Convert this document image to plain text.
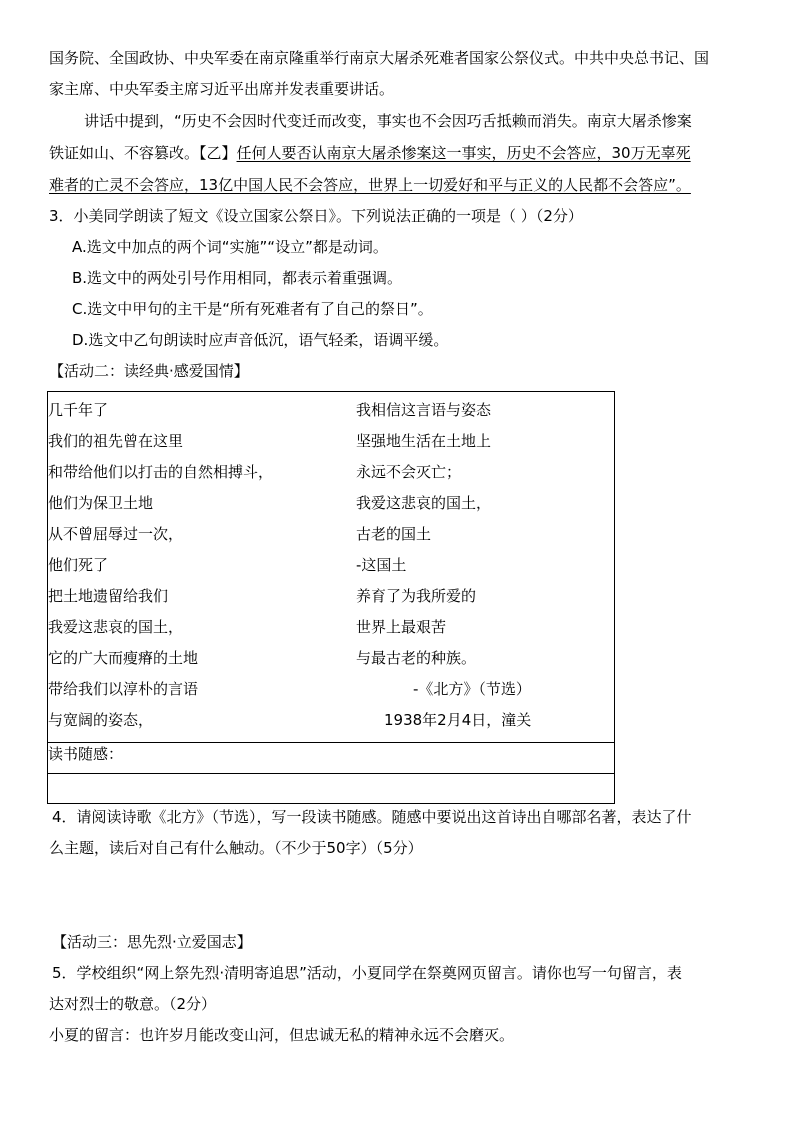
国务院、全国政协、中央军委在南京隆重举行南京大屠杀死难者国家公祭仪式。中共中央总书记、国
家主席、中央军委主席习近平出席并发表重要讲话。
讲话中提到，“历史不会因时代变迁而改变，事实也不会因巧舌抵赖而消失。南京大屠杀惨案
铁证如山、不容篡改。【乙】任何人要否认南京大屠杀惨案这一事实，历史不会答应，30万无辜死
难者的亡灵不会答应，13亿中国人民不会答应，世界上一切爱好和平与正义的人民都不会答应”。
3．小美同学朗读了短文《设立国家公祭日》。下列说法正确的一项是（ ）（2分）
A.选文中加点的两个词“实施”“设立”都是动词。
B.选文中的两处引号作用相同，都表示着重强调。
C.选文中甲句的主干是“所有死难者有了自己的祭日”。
D.选文中乙句朗读时应声音低沉，语气轻柔，语调平缓。
【活动二：读经典·感爱国情】
几千年了
我们的祖先曾在这里
和带给他们以打击的自然相搏斗，
他们为保卫土地
从不曾屈辱过一次，
他们死了
把土地遗留给我们
我爱这悲哀的国土，
它的广大而瘦瘠的土地
带给我们以淳朴的言语
与宽阔的姿态，
我相信这言语与姿态
坚强地生活在土地上
永远不会灭亡；
我爱这悲哀的国土，
古老的国土
-这国土
养育了为我所爱的
世界上最艰苦
与最古老的种族。
-《北方》（节选）
1938年2月4日，潼关
读书随感：
4．请阅读诗歌《北方》（节选），写一段读书随感。随感中要说出这首诗出自哪部名著，表达了什
么主题，读后对自己有什么触动。（不少于50字）（5分）
【活动三：思先烈·立爱国志】
5．学校组织“网上祭先烈·清明寄追思”活动，小夏同学在祭奠网页留言。请你也写一句留言，表
达对烈士的敬意。（2分）
小夏的留言：也许岁月能改变山河，但忠诚无私的精神永远不会磨灭。
